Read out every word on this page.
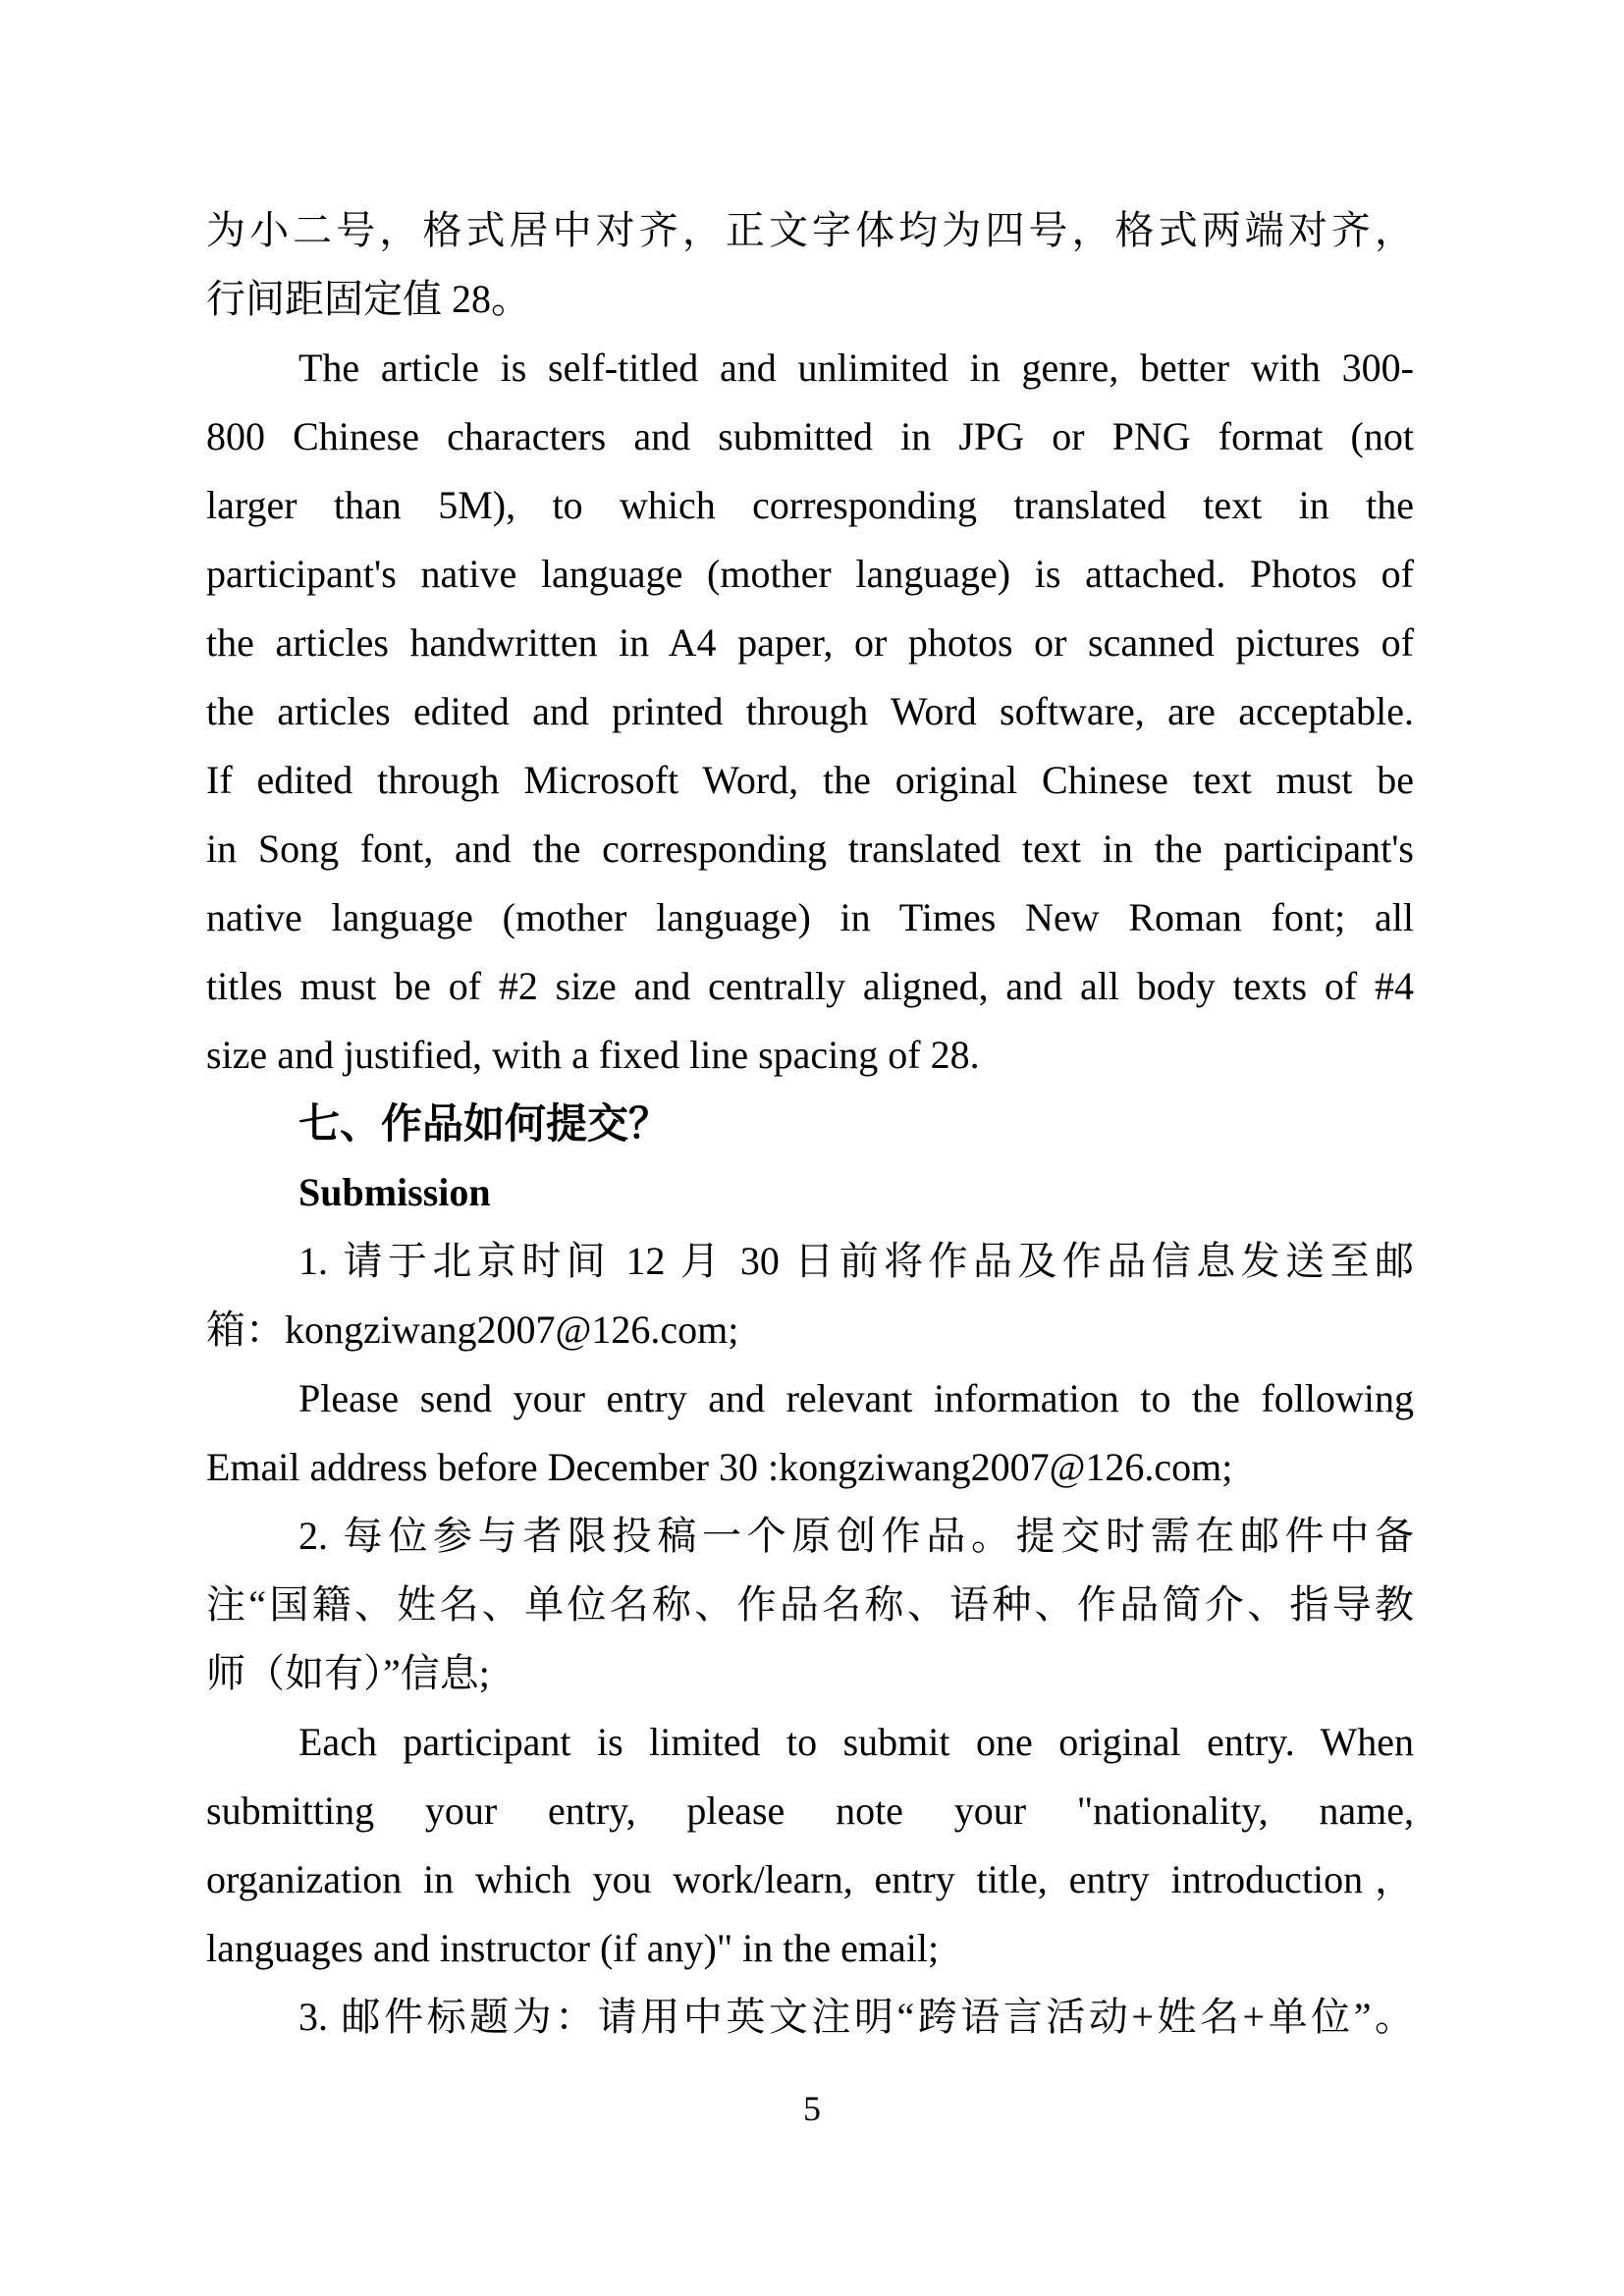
为小二号，格式居中对齐，正文字体均为四号，格式两端对齐，
行间距固定值 28。
The article is self-titled and unlimited in genre, better with 300-
800 Chinese characters and submitted in JPG or PNG format (not
larger than 5M), to which corresponding translated text in the
participant's native language (mother language) is attached. Photos of
the articles handwritten in A4 paper, or photos or scanned pictures of
the articles edited and printed through Word software, are acceptable.
If edited through Microsoft Word, the original Chinese text must be
in Song font, and the corresponding translated text in the participant's
native language (mother language) in Times New Roman font; all
titles must be of #2 size and centrally aligned, and all body texts of #4
size and justified, with a fixed line spacing of 28.
七、作品如何提交？
Submission
1. 请于北京时间 12 月 30 日前将作品及作品信息发送至邮
箱：kongziwang2007@126.com;
Please send your entry and relevant information to the following
Email address before December 30 :kongziwang2007@126.com;
2. 每位参与者限投稿一个原创作品。提交时需在邮件中备
注“国籍、姓名、单位名称、作品名称、语种、作品简介、指导教
师（如有）”信息;
Each participant is limited to submit one original entry. When
submitting your entry, please note your "nationality, name,
organization in which you work/learn, entry title, entry introduction，
languages and instructor (if any)" in the email;
3. 邮件标题为：请用中英文注明“跨语言活动+姓名+单位”。
5
